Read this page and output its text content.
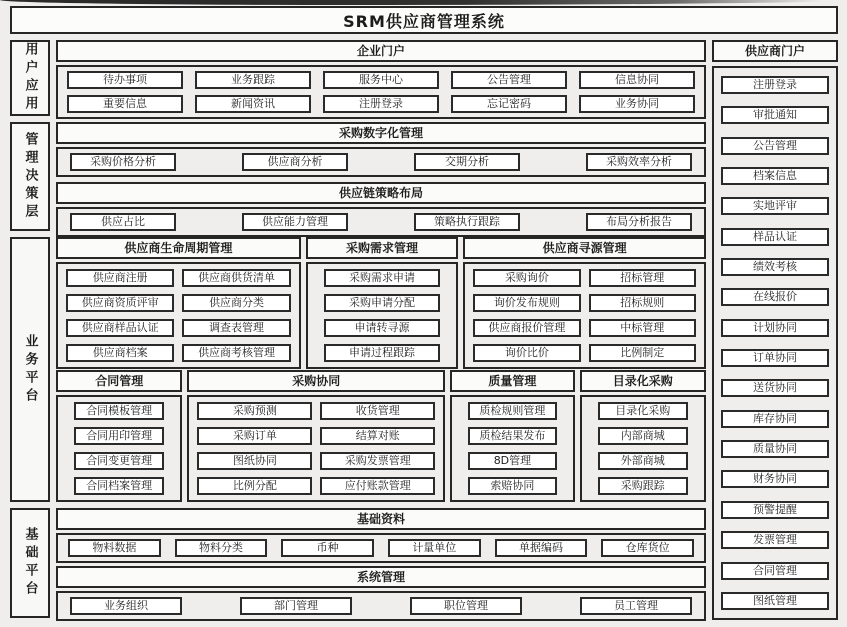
SRM供应商管理系统
用户应用
管理决策层
业务平台
基础平台
企业门户
待办事项	业务跟踪	服务中心	公告管理	信息协同
重要信息	新闻资讯	注册登录	忘记密码	业务协同
采购数字化管理
采购价格分析	供应商分析	交期分析	采购效率分析
供应链策略布局
供应占比	供应能力管理	策略执行跟踪	布局分析报告
供应商生命周期管理
供应商注册	供应商供货清单
供应商资质评审	供应商分类
供应商样品认证	调查表管理
供应商档案	供应商考核管理
采购需求管理
采购需求申请
采购申请分配
申请转寻源
申请过程跟踪
供应商寻源管理
采购询价	招标管理
询价发布规则	招标规则
供应商报价管理	中标管理
询价比价	比例制定
合同管理
合同模板管理
合同用印管理
合同变更管理
合同档案管理
采购协同
采购预测	收货管理
采购订单	结算对账
图纸协同	采购发票管理
比例分配	应付账款管理
质量管理
质检规则管理
质检结果发布
8D管理
索赔协同
目录化采购
目录化采购
内部商城
外部商城
采购跟踪
基础资料
物料数据	物料分类	币种	计量单位	单据编码	仓库货位
系统管理
业务组织	部门管理	职位管理	员工管理
供应商门户
注册登录
审批通知
公告管理
档案信息
实地评审
样品认证
绩效考核
在线报价
计划协同
订单协同
送货协同
库存协同
质量协同
财务协同
预警提醒
发票管理
合同管理
图纸管理
